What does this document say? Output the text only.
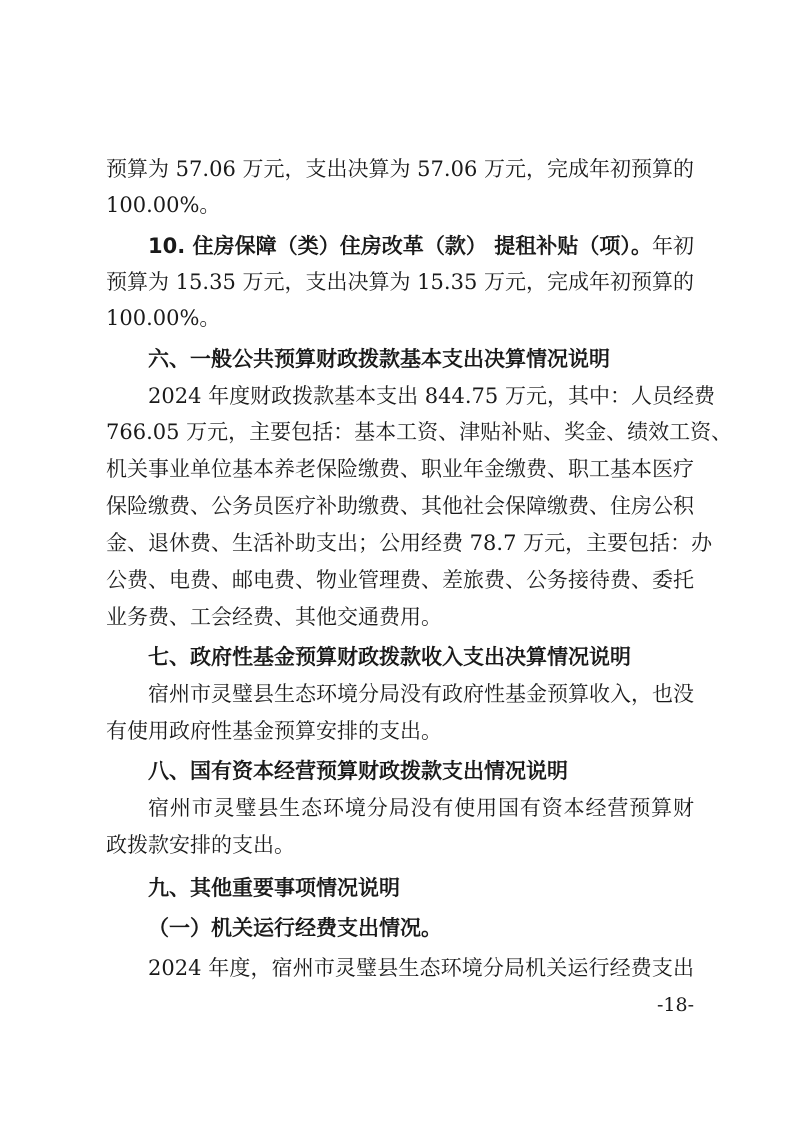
预算为 57.06 万元，支出决算为 57.06 万元，完成年初预算的
100.00%。
10. 住房保障（类）住房改革（款） 提租补贴（项）。年初
预算为 15.35 万元，支出决算为 15.35 万元，完成年初预算的
100.00%。
六、一般公共预算财政拨款基本支出决算情况说明
2024 年度财政拨款基本支出 844.75 万元，其中：人员经费
766.05 万元，主要包括：基本工资、津贴补贴、奖金、绩效工资、
机关事业单位基本养老保险缴费、职业年金缴费、职工基本医疗
保险缴费、公务员医疗补助缴费、其他社会保障缴费、住房公积
金、退休费、生活补助支出；公用经费 78.7 万元，主要包括：办
公费、电费、邮电费、物业管理费、差旅费、公务接待费、委托
业务费、工会经费、其他交通费用。
七、政府性基金预算财政拨款收入支出决算情况说明
宿州市灵璧县生态环境分局没有政府性基金预算收入，也没
有使用政府性基金预算安排的支出。
八、国有资本经营预算财政拨款支出情况说明
宿州市灵璧县生态环境分局没有使用国有资本经营预算财
政拨款安排的支出。
九、其他重要事项情况说明
（一）机关运行经费支出情况。
2024 年度，宿州市灵璧县生态环境分局机关运行经费支出
-18-
